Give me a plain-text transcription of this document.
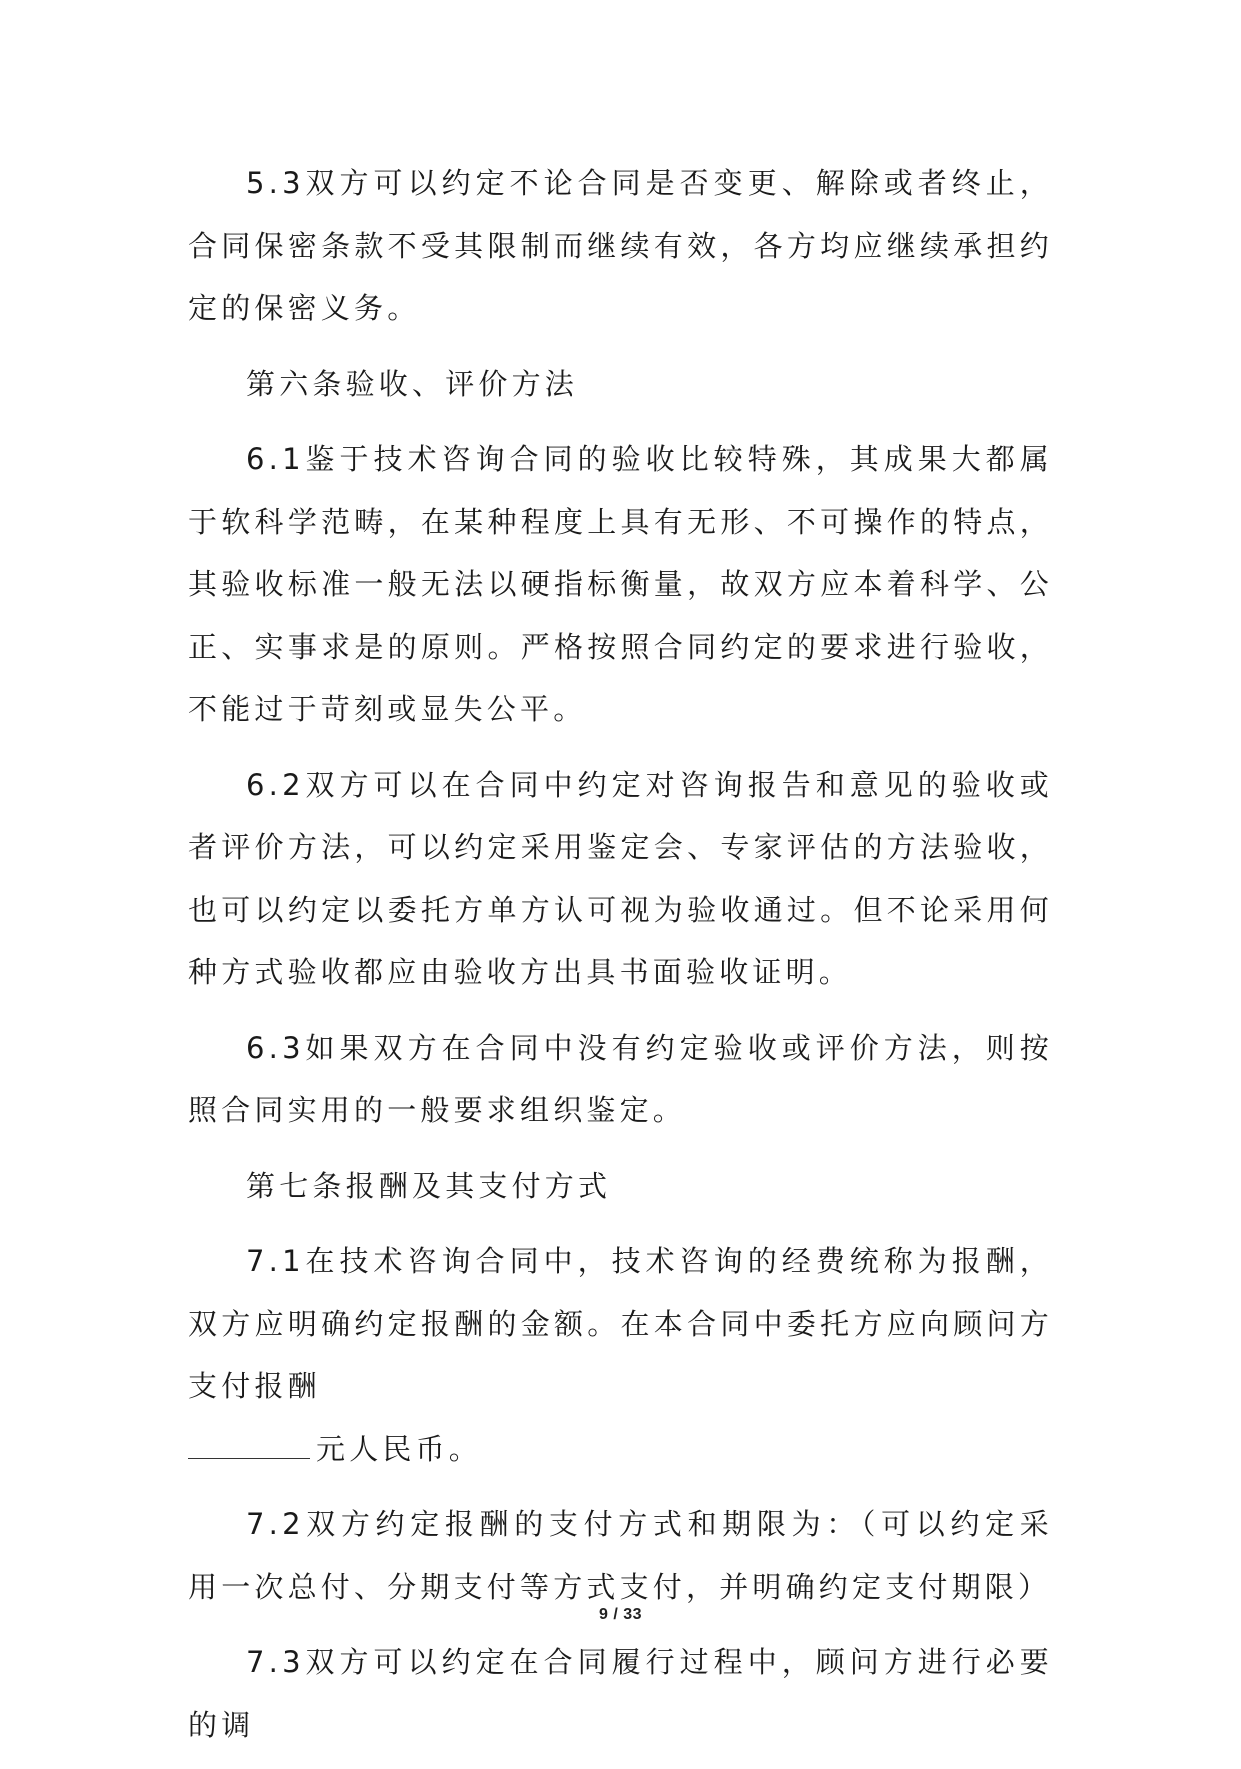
5.3双方可以约定不论合同是否变更、解除或者终止，合同保密条款不受其限制而继续有效，各方均应继续承担约定的保密义务。

第六条验收、评价方法

6.1鉴于技术咨询合同的验收比较特殊，其成果大都属于软科学范畴，在某种程度上具有无形、不可操作的特点，其验收标准一般无法以硬指标衡量，故双方应本着科学、公正、实事求是的原则。严格按照合同约定的要求进行验收，不能过于苛刻或显失公平。

6.2双方可以在合同中约定对咨询报告和意见的验收或者评价方法，可以约定采用鉴定会、专家评估的方法验收，也可以约定以委托方单方认可视为验收通过。但不论采用何种方式验收都应由验收方出具书面验收证明。

6.3如果双方在合同中没有约定验收或评价方法，则按照合同实用的一般要求组织鉴定。

第七条报酬及其支付方式

7.1在技术咨询合同中，技术咨询的经费统称为报酬，双方应明确约定报酬的金额。在本合同中委托方应向顾问方支付报酬

元人民币。

7.2双方约定报酬的支付方式和期限为：（可以约定采用一次总付、分期支付等方式支付，并明确约定支付期限）

7.3双方可以约定在合同履行过程中，顾问方进行必要的调

9 / 33
